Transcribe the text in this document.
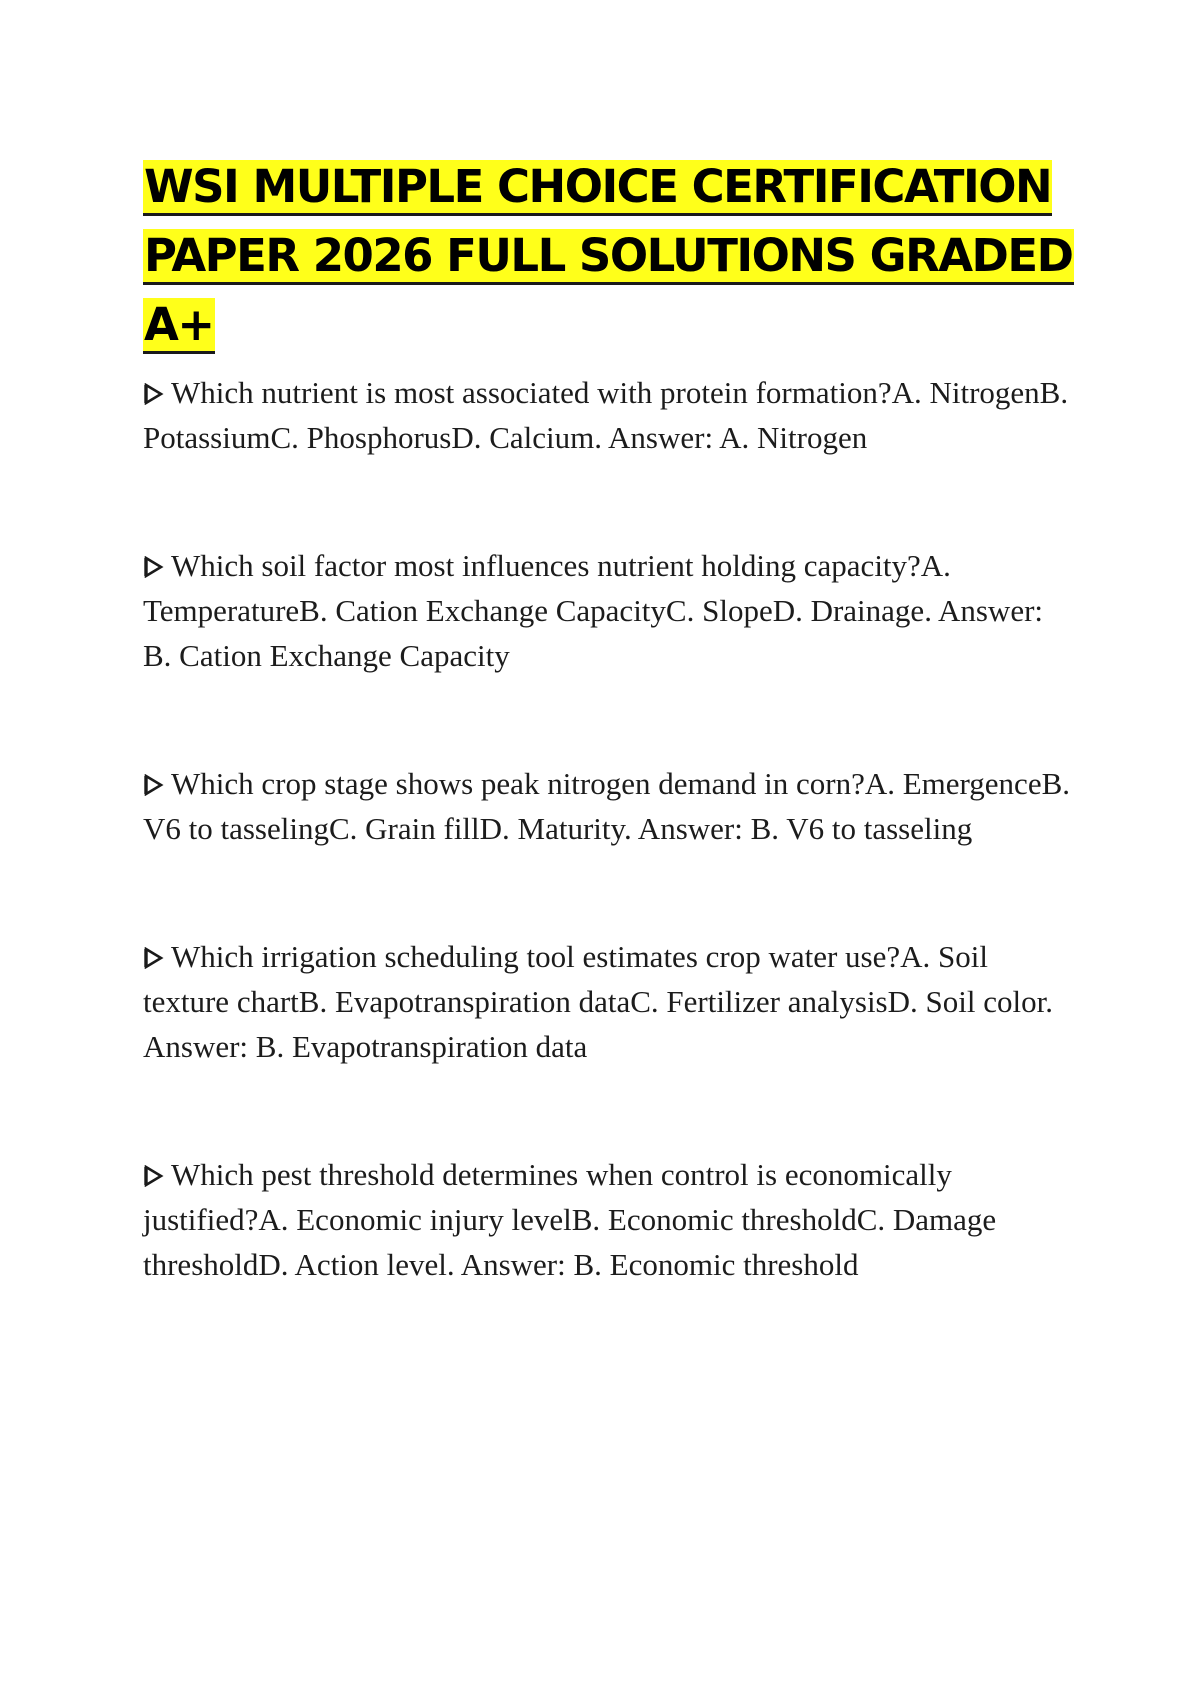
WSI MULTIPLE CHOICE CERTIFICATION PAPER 2026 FULL SOLUTIONS GRADED A+
Which nutrient is most associated with protein formation?A. NitrogenB. PotassiumC. PhosphorusD. Calcium. Answer: A. Nitrogen
Which soil factor most influences nutrient holding capacity?A. TemperatureB. Cation Exchange CapacityC. SlopeD. Drainage. Answer: B. Cation Exchange Capacity
Which crop stage shows peak nitrogen demand in corn?A. EmergenceB. V6 to tasselingC. Grain fillD. Maturity. Answer: B. V6 to tasseling
Which irrigation scheduling tool estimates crop water use?A. Soil texture chartB. Evapotranspiration dataC. Fertilizer analysisD. Soil color. Answer: B. Evapotranspiration data
Which pest threshold determines when control is economically justified?A. Economic injury levelB. Economic thresholdC. Damage thresholdD. Action level. Answer: B. Economic threshold
